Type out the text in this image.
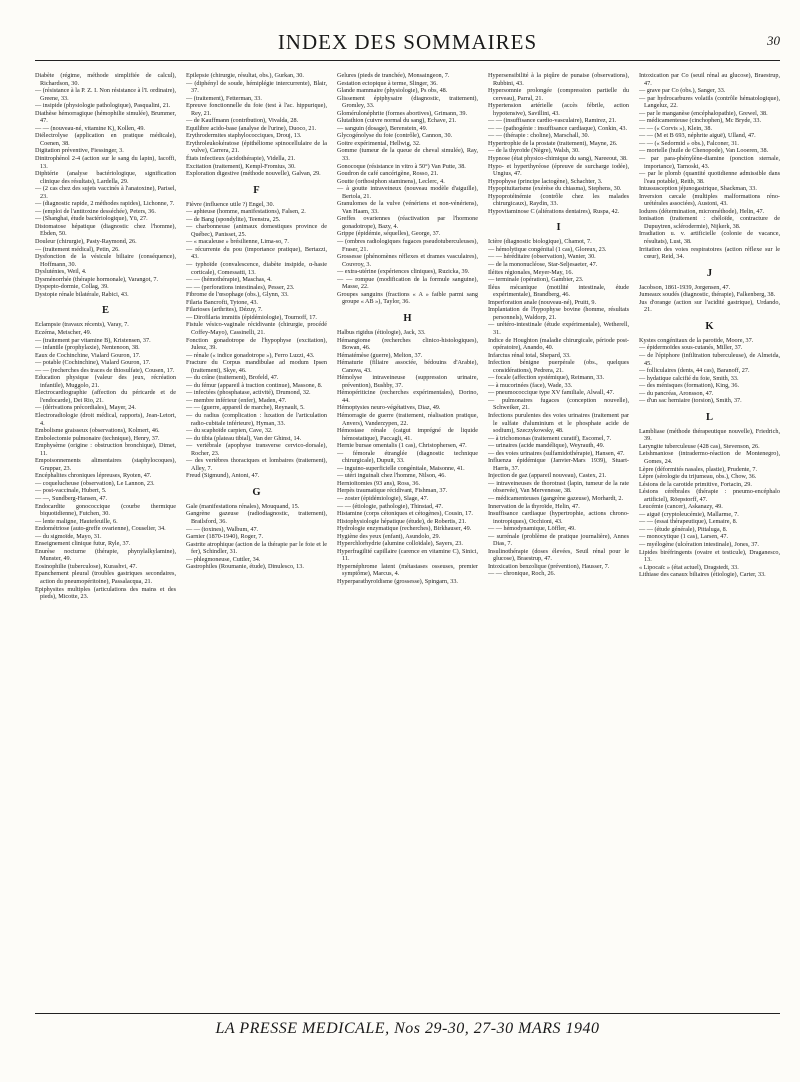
INDEX DES SOMMAIRES	30

Diabète (régime, méthode simplifiée de calcul), Richardson, 30.

— (résistance à la P. Z. I. Non résistance à l'I. ordinaire), Greene, 33.

— insipide (physiologie pathologique), Pasqualini, 21.

Diathèse hémorragique (hémophilie simulée), Brummer, 47.

— — (nouveau-né, vitamine K), Kollen, 49.

Diélectrolyse (application en pratique médicale), Coenen, 38.

Digitation préventive, Fiessinger, 3.

Dinitrophénol 2-4 (action sur le sang du lapin), Iacoffi, 13.

Diphtérie (analyse bactériologique, signification clinique des résultats), Lardella, 29.

— (2 cas chez des sujets vaccinés à l'anatoxine), Parisel, 23.

— (diagnostic rapide, 2 méthodes rapides), Lichonne, 7.

— (emploi de l'antitoxine desséchée), Peters, 36.

— (Shanghai, étude bactériologique), Yü, 27.

Distomatose hépatique (diagnostic chez l'homme), Ebden, 50.

Douleur (chirurgie), Pasty-Raymond, 26.

— (traitement médical), Petin, 26.

Dysfonction de la vésicule biliaire (conséquence), Hoffmann, 30.

Dysluténies, Weil, 4.

Dysménorrhée (thérapie hormonale), Varangot, 7.

Dyspepto-dormie, Collag, 39.

Dystopie rénale bilatérale, Rabici, 43.

E

Eclampsie (travaux récents), Varay, 7.

Eczéma, Meischer, 49.

— (traitement par vitamine B), Kristensen, 37.

— infantile (prophylaxie), Nentenoon, 38.

Eaux de Cochinchine, Vialard Gouron, 17.

— potable (Cochinchine), Vialard Gouron, 17.

— — (recherches des traces de thiosulfate), Cousen, 17.

Education physique (valeur des jeux, récréation infantile), Muggolo, 21.

Electrocardiographie (affection du péricarde et de l'endocarde), Dei Rio, 21.

— (dérivations précordiales), Mayer, 24.

Electroradiologie (droit médical, rapports), Jean-Letort, 4.

Embolisme graisseux (observations), Kolmert, 46.

Embolectomie pulmonaire (technique), Henry, 37.

Emphysème (origine : obstruction bronchique), Dimet, 11.

Empoisonnements alimentaires (staphylocoques), Gruppar, 23.

Encéphalites chroniques lépreuses, Ryoten, 47.

— coquelucheuse (observation), Le Lannon, 23.

— post-vaccinale, Hubert, 5.

— —, Sundberg-Hansen, 47.

Endocardite gonococcique (courbe thermique biquotidienne), Futchen, 30.

— lente maligne, Hautefeuille, 6.

Endométriose (auto-greffe ovarienne), Couselier, 34.

— du sigmoïde, Mayo, 31.

Enseignement clinique futur, Ryle, 37.

Enurèse nocturne (thérapie, phynylalkylamine), Munster, 49.

Eosinophilie (tuberculose), Kurashvi, 47.

Epanchement pleural (troubles gastriques secondaires, action du pneumopéritoine), Passalacqua, 21.

Epiphysites multiples (articulations des mains et des pieds), Micotte, 23.

Epilepsie (chirurgie, résultat, obs.), Gurkan, 30.

— (diphényl de soude, hémiplégie intercurrente), Blair, 37.

— (traitement), Fetterman, 33.

Epreuve fonctionnelle du foie (test à l'ac. hippurique), Rey, 21.

— de Kauffmann (contribution), Vivalda, 28.

Equilibre acido-base (analyse de l'urine), Duoco, 21.

Erythrodermites staphylococciques, Drouj, 13.

Erythroleukokératose (épithéliome spinocellulaire de la vulve), Carrera, 21.

États infectieux (acidothérapie), Vidella, 21.

Excitation (traitement), Kempl-Fromius, 30.

Exploration digestive (méthode nouvelle), Galvan, 29.

F

Fièvre (influence utile ?) Engel, 30.

— aphteuse (homme, manifestations), Falsen, 2.

— de Bang (spondylite), Teenstra, 25.

— charbonneuse (animaux domestiques province de Québec), Panisset, 25.

— « macaleuse » brésilienne, Lima-so, 7.

— récurrente du pou (importance pratique), Bertazzi, 43.

— typhoïde (convalescence, diabète insipide, α-hasie corticale), Comessatti, 13.

— — (hémothérapie), Maschas, 4.

— — (perforations intestinales), Pesser, 23.

Fibrome de l'œsophage (obs.), Glynn, 33.

Filaria Bancrofti, Tytone, 43.

Filarioses (arthrites), Dézuy, 7.

— Dirofilaria immitis (épidémiologie), Tournoff, 17.

Fistule vésico-vaginale récidivante (chirurgie, procédé Coffey-Mayo), Cassinelli, 21.

Fonction gonadotrope de l'hypophyse (excitation), Julesz, 39.

— rénale (« indice gonadotrope »), Ferro Luzzi, 43.

Fracture du Corpus mandibulae ad modum Ipsen (traitement), Skye, 46.

— du crâne (traitement), Brofeld, 47.

— du fémur (appareil à traction continue), Massone, 8.

— infectées (phosphatase, activité), Drumond, 32.

— membre inférieur (enfer), Maden, 47.

— — (guerre, appareil de marche), Reynault, 5.

— du radius (complication : luxation de l'articulation radio-cubitale inférieure), Hyman, 33.

— du scaphoïde carpien, Cave, 32.

— du tibia (plateau tibial), Van der Ghinst, 14.

— vertébrale (apophyse transverse cervico-dorsale), Rocher, 23.

— des vertèbres thoraciques et lombaires (traitement), Alley, 7.

Freud (Sigmund), Antoni, 47.

G

Gale (manifestations rénales), Mouquand, 15.

Gangrène gazeuse (radiodiagnostic, traitement), Brailsford, 36.

— — (toxines), Walbum, 47.

Garnier (1870-1940), Roger, 7.

Gastrite atrophique (action de la thérapie par le foie et le fer), Schindler, 31.

— phlegmoneuse, Cuttler, 34.

Gastrophiles (Roumanie, étude), Dinulesco, 13.

Gelures (pieds de tranchée), Monsaingeon, 7.

Gestation ectopique à terme, Slinger, 36.

Glande mammaire (physiologie), Ps obs, 48.

Glissement épiphysaire (diagnostic, traitement), Gromley, 33.

Glomérulonéphrite (formes abortives), Grimann, 39.

Glutathion (cuivre normal du sang), Echave, 21.

— sanguin (dosage), Berenstein, 49.

Glycogénolyse du foie (contrôle), Cannon, 30.

Goitre expérimental, Hellwig, 32.

Gomme (tumeur de la queue de cheval simulée), Ray, 33.

Gonocoque (résistance in vitro à 50°) Van Putte, 38.

Goudron de café cancérigène, Rosso, 21.

Goutte (orthosiphon staminens), Leclerc, 4.

— à goutte intraveineux (nouveau modèle d'aiguille), Bertola, 21.

Granulomes de la vulve (vénériens et non-vénériens), Van Haam, 33.

Greffes ovariennes (réactivation par l'hormone gonadotrope), Bazy, 4.

Grippe (épidémie, séquelles), George, 37.

— (ombres radiologiques fugaces pseudotuberculeuses), Fraser, 21.

Grossesse (phénomènes réflexes et drames vasculaires), Couvroy, 3.

— extra-utérine (expériences cliniques), Ruzicka, 39.

— — rompue (modification de la formule sanguine), Masse, 22.

Groupes sanguins (fractions « A » faible parmi sang groupe « AB »), Taylor, 36.

H

Halbus rigidus (étiologie), Jack, 33.

Hémangiome (recherches clinico-histologiques), Bowan, 46.

Hématémèse (guerre), Melton, 37.

Hématurie (filiaire associée, bédouins d'Arabie), Canova, 43.

Hémolyse intraveineuse (suppression urinaire, prévention), Bushby, 37.

Hémopériticine (recherches expérimentales), Dorino, 44.

Hémoptysies neuro-végétatives, Diaz, 49.

Hémorragie de guerre (traitement, réalisation pratique, Anvers), Vanderzypen, 22.

Hémostase rénale (catgut imprégné de liquide hémostatique), Paccagli, 41.

Hernie bursae omentalis (1 cas), Christophersen, 47.

— fémorale étranglée (diagnostic technique chirurgicale), Dupuit, 33.

— inguino-superficielle congénitale, Maisonne, 41.

— utéri inguinali chez l'homme, Nilson, 46.

Hernioïtomies (93 ans), Ross, 36.

Herpès traumatique récidivant, Fishman, 37.

— zoster (épidémiologie), Slage, 47.

— — (étiologie, pathologie), Thinstad, 47.

Histamine (corps cétoniques et cétogènes), Cousin, 17.

Histophysiologie hépatique (étude), de Robertis, 21.

Hydrologie enzymatique (recherches), Birkhauser, 49.

Hygiène des yeux (enfant), Asundolo, 29.

Hyperchlorhydrie (alumine colloïdale), Sayers, 23.

Hyperfragilité capillaire (carence en vitamine C), Sinici, 11.

Hypernéphrome latent (métastases osseuses, premier symptôme), Marcus, 4.

Hyperparathyroïdisme (grossesse), Spingarn, 33.

Hypersensibilité à la piqûre de punaise (observations), Rubbini, 43.

Hypersomnie prolongée (compression partielle du cerveau), Parral, 21.

Hypertension artérielle (accès fébrile, action hypotensive), Savillini, 43.

— — (insuffisance cardio-vasculaire), Ramirez, 21.

— — (pathogénie : insuffisance cardiaque), Conkin, 43.

— — (thérapie : choline), Marschall, 30.

Hypertrophie de la prostate (traitement), Mayne, 26.

— de la thyroïde (Nègre), Walsh, 30.

Hypnose (état physico-chimique du sang), Nareeout, 38.

Hypo- et hyperthyréose (épreuve de surcharge iodée), Ungius, 47.

Hypophyse (principe lactogène), Schachter, 3.

Hypopituitarisme (exérèse du chiasma), Stephens, 30.

Hypoprotéinémie (contrôle chez les malades chirurgicaux), Raydin, 33.

Hypovitaminose C (altérations dentaires), Ruspa, 42.

I

Ictère (diagnostic biologique), Chamot, 7.

— hémolytique congénital (1 cas), Gloreux, 23.

— — héréditaire (observation), Wanier, 30.

— de la mononucléose, Star-Seljesaeter, 47.

Iléites régionales, Meyer-May, 16.

— terminale (opération), Gambier, 23.

Iléus mécanique (motilité intestinale, étude expérimentale), Brandberg, 46.

Imperforation anale (nouveau-né), Pruitt, 9.

Implantation de l'hypophyse bovine (homme, résultats personnels), Waldorp, 21.

— urétéro-intestinale (étude expérimentale), Wetherell, 31.

Indice de Houghton (maladie chirurgicale, période post-opératoire), Anando, 40.

Infarctus rénal total, Shepard, 33.

Infection bénigne puerpérale (obs., quelques considérations), Pedrera, 21.

— focale (affection systémique), Reimann, 33.

— à mucorinées (face), Wade, 33.

— pneumococcique type XV familiale, Alwall, 47.

— pulmonaires fugaces (conception nouvelle), Schweiker, 21.

Infections purulentes des voies urinaires (traitement par le sulfate d'aluminium et le phosphate acide de sodium), Szeczykowsky, 48.

— à trichomonas (traitement curatif), Escomel, 7.

— urinaires (acide mandélique), Weyrauth, 49.

— des voies urinaires (sulfamidothérapie), Hansen, 47.

Influenza épidémique (Janvier-Mars 1939), Stuart-Harris, 37.

Injection de gaz (appareil nouveau), Castex, 21.

— intraveineuses de thorotrast (lapin, tumeur de la rate observée), Van Mervenesse, 38.

— médicamenteuses (gangrène gazeuse), Morhardt, 2.

Innervation de la thyroïde, Helin, 47.

Insuffisance cardiaque (hypertrophie, actions chrono-inotropiques), Occhioni, 43.

— — hémodynamique, Löffler, 49.

— surrénale (problème de pratique journalière), Annes Dias, 7.

Insulinothérapie (doses élevées, Seuil rénal pour le glucose), Braestrup, 47.

Intoxication benzolique (prévention), Hausser, 7.

— — chronique, Roch, 26.

Intoxication par Co (seuil rénal au glucose), Braestrup, 47.

— grave par Co (obs.), Sanger, 33.

— par hydrocarbures volatils (contrôle hématologique), Langeluz, 22.

— par le manganèse (encéphalopathie), Grewel, 38.

— médicamenteuse (cinchophen), Mc Bryde, 33.

— — (« Corvis »), Klein, 38.

— — (M et B 693, néphrite aiguë), Ulland, 47.

— — (« Sedormid » obs.), Falconer, 31.

— mortelle (huile de Chenopode), Van Looeren, 38.

— par para-phénylène-diamine (ponction sternale, importance), Tarnoski, 43.

— par le plomb (quantité quotidienne admissible dans l'eau potable), Reith, 38.

Intussusception jéjunogastrique, Shackman, 33.

Inversion cæcale (multiples malformations réno-urétérales associées), Austoni, 43.

Iodures (détermination, microméthode), Helin, 47.

Ionisation (traitement : chéloïde, contracture de Dupuytren, sclérodermie), Nijkerk, 38.

Irradiation u. v. artificielle (colonie de vacance, résultats), Lust, 38.

Irritation des voies respiratoires (action réflexe sur le cœur), Reid, 34.

J

Jacobson, 1861-1939, Jorgensen, 47.

Jumeaux soudés (diagnostic, thérapie), Falkenberg, 38.

Jus d'orange (action sur l'acidité gastrique), Urdando, 21.

K

Kystes congénitaux de la parotide, Moore, 37.

— épidermoïdes sous-cutanés, Miller, 37.

— de l'épiphore (infiltration tuberculeuse), de Almeida, 45.

— folliculaires (dents, 44 cas), Baranoff, 27.

— hydatique calcifié du foie, Smith, 33.

— des ménisques (formation), King, 36.

— du pancréas, Aronsson, 47.

— d'un sac herniaire (torsion), Smith, 37.

L

Lambliase (méthode thérapeutique nouvelle), Friedrich, 39.

Laryngite tuberculeuse (428 cas), Stevenson, 26.

Leishmaniose (intradermo-réaction de Montenegro), Gomes, 24.

Lèpre (déformités nasales, plastie), Prudente, 7.

Lèpre (sérologie du trijumeau, obs.), Chow, 36.

Lésions de la carotide primitive, Fortacin, 29.

Lésions cérébrales (thérapie : pneumo-encéphalo artificiel), Röepstorff, 47.

Leucémie (cancer), Askanazy, 49.

— aiguë (cryptoleucémie), Mallarme, 7.

— — (essai thérapeutique), Lemaire, 8.

— — (étude générale), Pittaluga, 8.

— monocytique (1 cas), Larsen, 47.

— myélogène (ulcération intestinale), Jones, 37.

Lipides biréfringents (ovaire et testicule), Draganesco, 13.

« Lipocaïc » (état actuel), Dragstedt, 33.

Lithiase des canaux biliaires (étiologie), Carter, 33.

LA PRESSE MEDICALE, Nos 29-30, 27-30 MARS 1940
